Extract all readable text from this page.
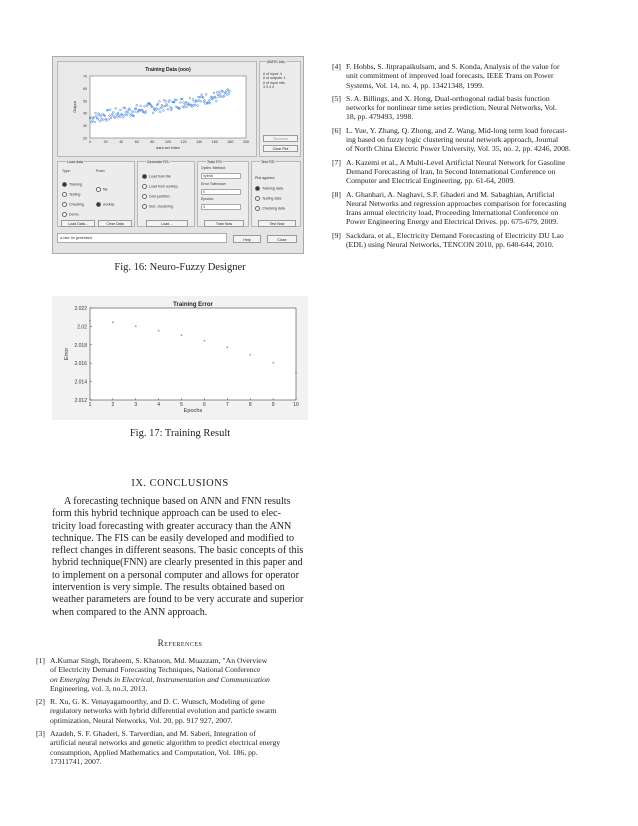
Training Data (ooo)
70
60
50
40
30
20
0	20	40	60	80	100	120	140	160	180	200
data set index
Output
ANFIS Info.
# of input: 4
# of outputs: 1
# of input mfs:
3 3 4 4
Structure
Clear Plot
Load data
Type:	From:
Training
Testing
Checking
Demo
file
worksp.
Load Data...	Clear Data
Generate FIS
Load from file
Load from worksp.
Grid partition
Sub. clustering
Load ...
Train FIS
Optim. Method:
hybrid
Error Tolerance:
0
Epochs:
3
Train Now
Test FIS
Plot against:
Training data
Testing data
Checking data
Test Now
a.xlsx: fis generated	Help	Close
Fig. 16: Neuro-Fuzzy Designer
Training Error
2.022
2.02
2.018
2.016
2.014
2.012
1	2	3	4	5	6	7	8	9	10
Epochs
Error
*	*
*
*
*
*
*
*
*
*
Fig. 17: Training Result
IX. CONCLUSIONS
A forecasting technique based on ANN and FNN results
form this hybrid technique approach can be used to elec-
tricity load forecasting with greater accuracy than the ANN
technique. The FIS can be easily developed and modified to
reflect changes in different seasons. The basic concepts of this
hybrid technique(FNN) are clearly presented in this paper and
to implement on a personal computer and allows for operator
intervention is very simple. The results obtained based on
weather parameters are found to be very accurate and superior
when compared to the ANN approach.
References
[1] A.Kumar Singh, Ibraheem, S. Khatoon, Md. Muazzam, "An Overview
of Electricity Demand Forecasting Techniques, National Conference
on Emerging Trends in Electrical, Instrumentation and Communication
Engineering, vol. 3, no.3, 2013.
[2] R. Xu, G. K. Venayagamoorthy, and D. C. Wunsch, Modeling of gene
regulatory networks with hybrid differential evolution and particle swarm
optimization, Neural Networks, Vol. 20, pp. 917 927, 2007.
[3] Azadeh, S. F. Ghaderi, S. Tarverdian, and M. Saberi, Integration of
artificial neural networks and genetic algorithm to predict electrical energy
consumption, Applied Mathematics and Computation, Vol. 186, pp.
17311741, 2007.
[4] F. Hobbs, S. Jitprapaikulsarn, and S. Konda, Analysis of the value for
unit commitment of improved load forecasts, IEEE Trans on Power
Systems, Vol. 14, no. 4, pp. 13421348, 1999.
[5] S. A. Billings, and X. Hong, Dual-orthogonal radial basis function
networks for nonlinear time series prediction, Neural Networks, Vol.
18, pp. 479493, 1998.
[6] L. Yue, Y. Zhang, Q. Zhong, and Z. Wang, Mid-long term load forecast-
ing based on fuzzy logic clustering neural network approach, Journal
of North China Electric Power University, Vol. 35, no. 2, pp. 4246, 2008.
[7] A. Kazemi et al., A Multi-Level Artificial Neural Network for Gasoline
Demand Forecasting of Iran, In Second International Conference on
Computer and Electrical Engineering, pp. 61-64, 2009.
[8] A. Ghanhari, A. Naghavi, S.F. Ghaderi and M. Sabaghian, Artificial
Neural Networks and regression approaches comparison for forecasting
Irans annual electricity load, Proceeding International Conference on
Power Engineering Energy and Electrical Drives. pp. 675-679, 2009.
[9] Sackdara, et al., Electricity Demand Forecasting of Electricity DU Lao
(EDL) using Neural Networks, TENCON 2010, pp. 640-644, 2010.
